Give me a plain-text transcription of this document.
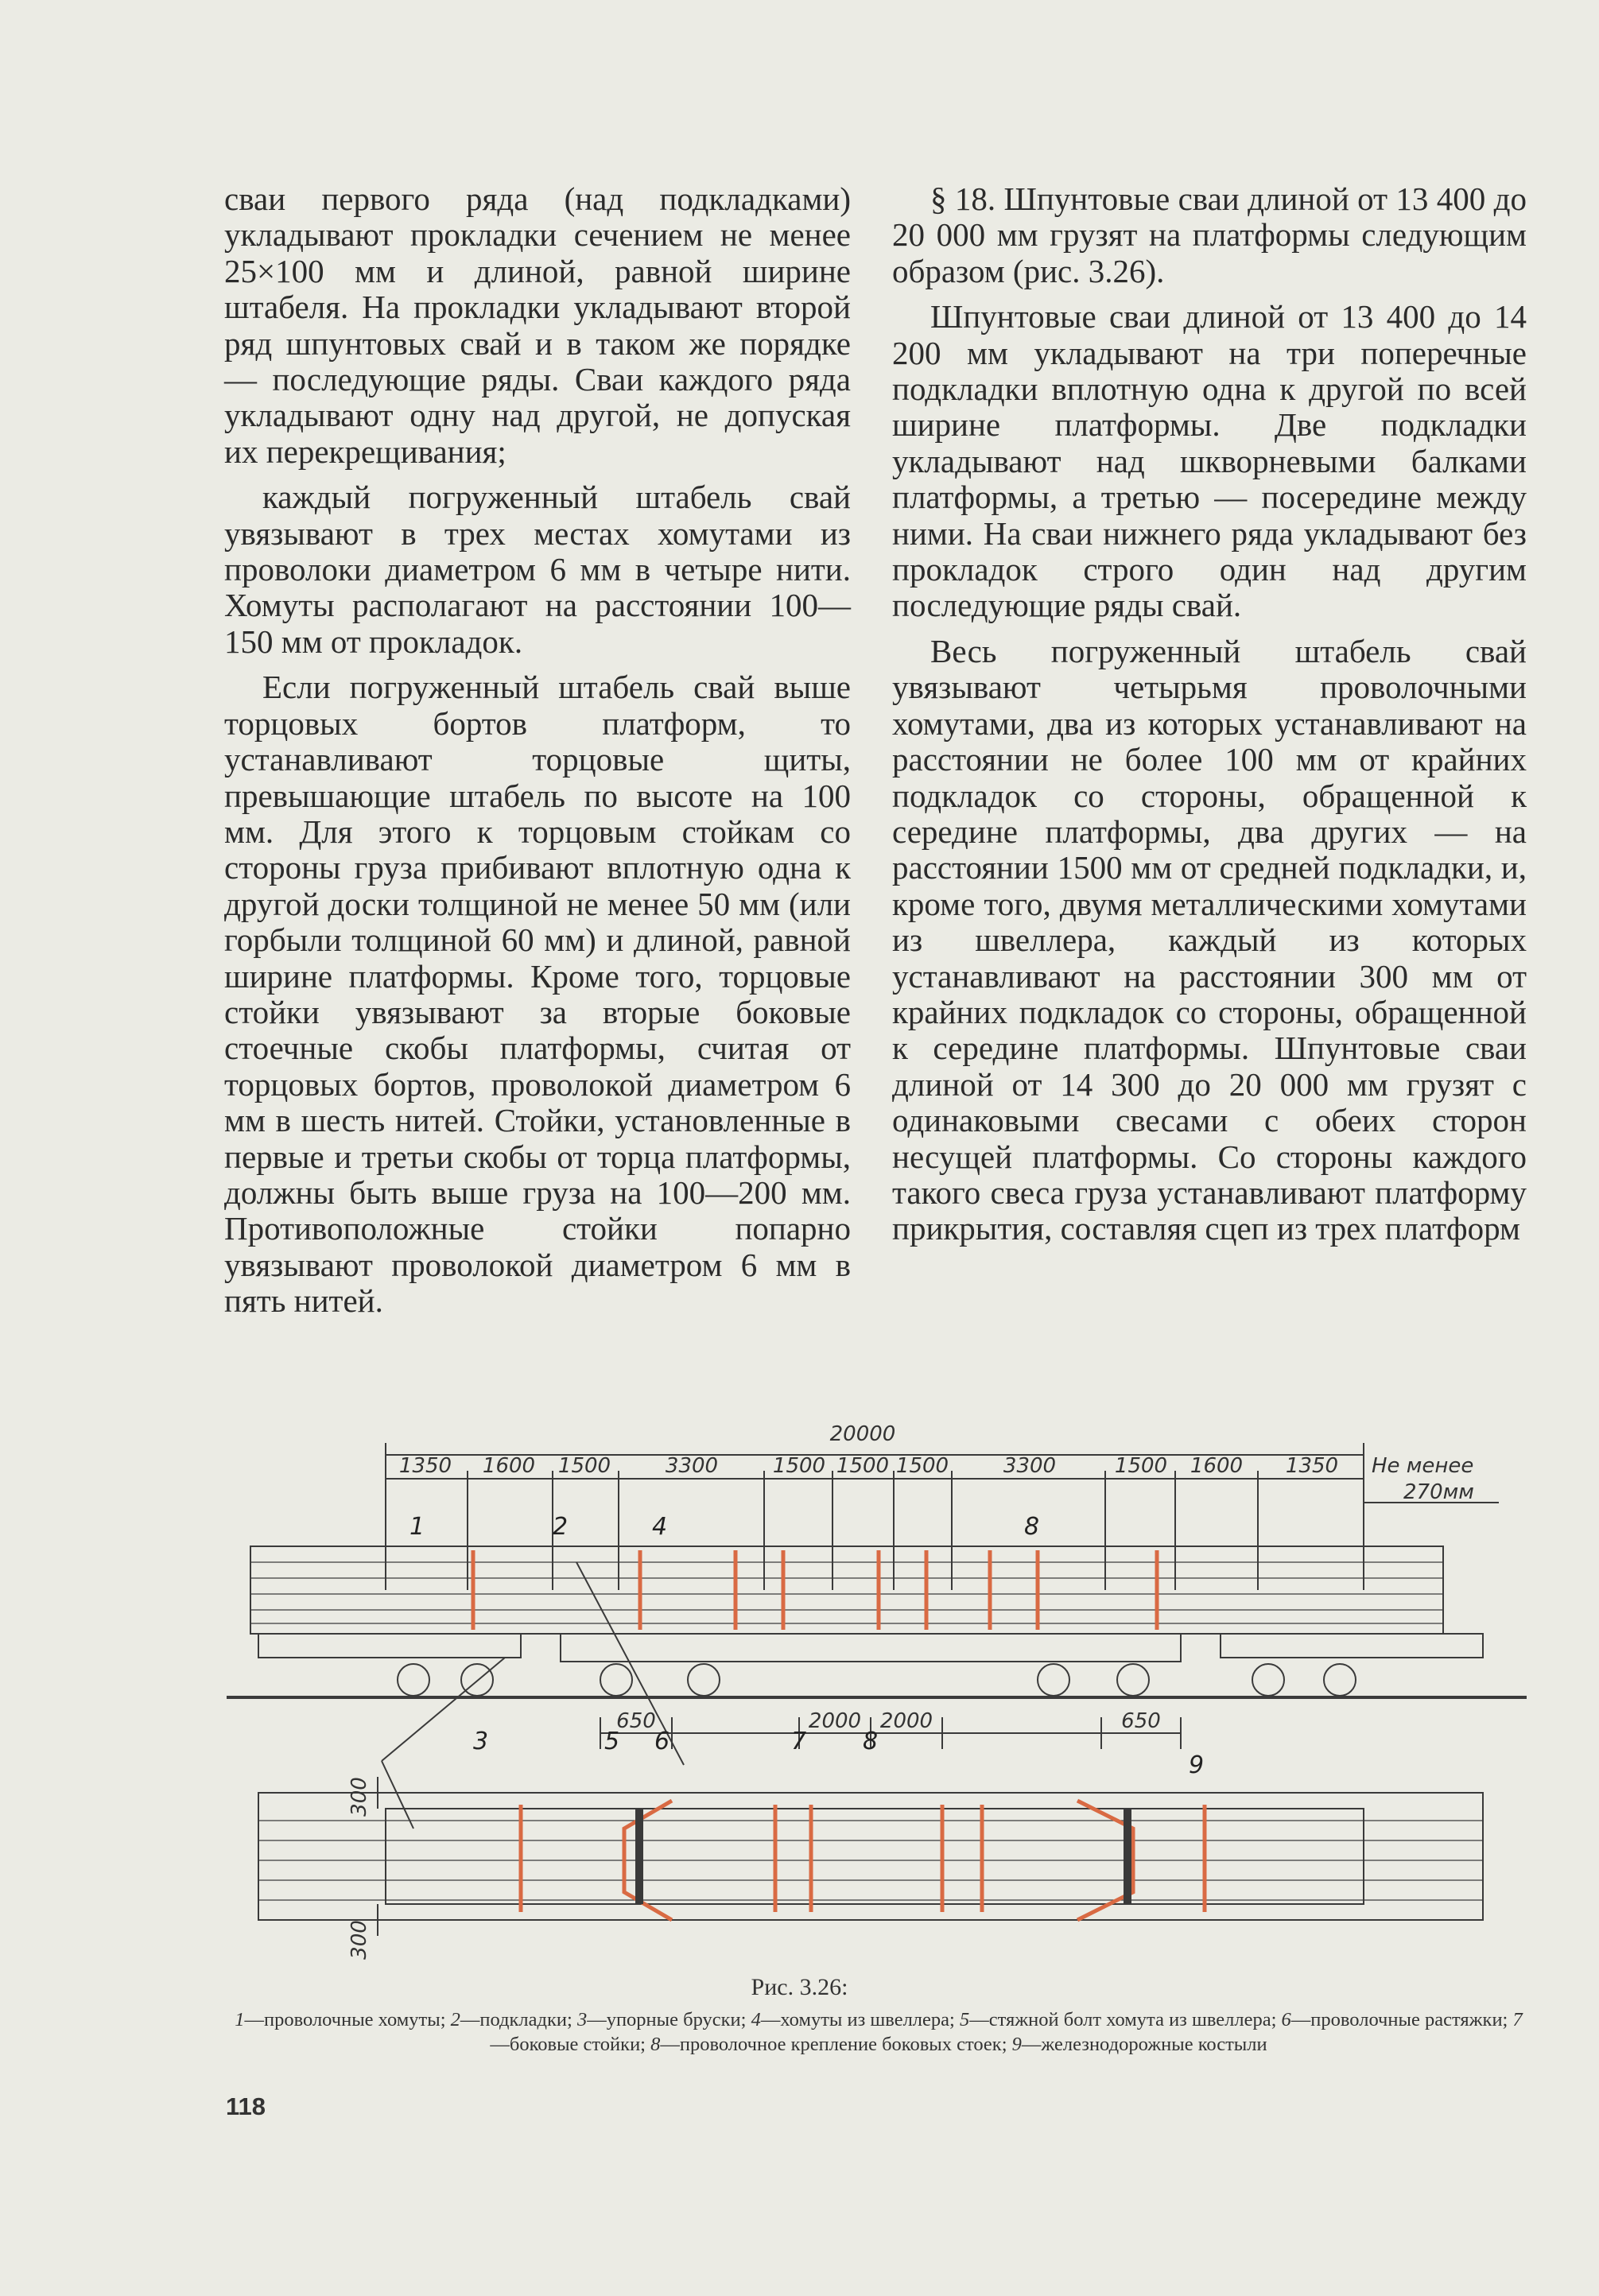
сваи первого ряда (над подкладками) укладывают прокладки сечением не менее 25×100 мм и длиной, равной ширине штабеля. На прокладки укладывают второй ряд шпунтовых свай и в таком же порядке — последующие ряды. Сваи каждого ряда укладывают одну над другой, не допуская их перекрещивания;

каждый погруженный штабель свай увязывают в трех местах хомутами из проволоки диаметром 6 мм в четыре нити. Хомуты располагают на расстоянии 100—150 мм от прокладок.

Если погруженный штабель свай выше торцовых бортов платформ, то устанавливают торцовые щиты, превышающие штабель по высоте на 100 мм. Для этого к торцовым стойкам со стороны груза прибивают вплотную одна к другой доски толщиной не менее 50 мм (или горбыли толщиной 60 мм) и длиной, равной ширине платформы. Кроме того, торцовые стойки увязывают за вторые боковые стоечные скобы платформы, считая от торцовых бортов, проволокой диаметром 6 мм в шесть нитей. Стойки, установленные в первые и третьи скобы от торца платформы, должны быть выше груза на 100—200 мм. Противоположные стойки попарно увязывают проволокой диаметром 6 мм в пять нитей.

§ 18. Шпунтовые сваи длиной от 13 400 до 20 000 мм грузят на платформы следующим образом (рис. 3.26).

Шпунтовые сваи длиной от 13 400 до 14 200 мм укладывают на три поперечные подкладки вплотную одна к другой по всей ширине платформы. Две подкладки укладывают над шкворневыми балками платформы, а третью — посередине между ними. На сваи нижнего ряда укладывают без прокладок строго один над другим последующие ряды свай.

Весь погруженный штабель свай увязывают четырьмя проволочными хомутами, два из которых устанавливают на расстоянии не более 100 мм от крайних подкладок со стороны, обращенной к середине платформы, два других — на расстоянии 1500 мм от средней подкладки, и, кроме того, двумя металлическими хомутами из швеллера, каждый из которых устанавливают на расстоянии 300 мм от крайних подкладок со стороны, обращенной к середине платформы. Шпунтовые сваи длиной от 14 300 до 20 000 мм грузят с одинаковыми свесами с обеих сторон несущей платформы. Со стороны каждого такого свеса груза устанавливают платформу прикрытия, составляя сцеп из трех платформ

20000
1350 1600 1500	3300	1500 1500 1500	3300	1500 1600 1350 Не менее
270мм
650	2000 2000	650
300
300
1	2	4	8
3	5 6	7 8
9
Рис. 3.26:
1—проволочные хомуты; 2—подкладки; 3—упорные бруски; 4—хомуты из швеллера; 5—стяжной болт хомута из швеллера; 6—проволочные растяжки; 7—боковые стойки; 8—проволочное крепление боковых стоек; 9—железнодорожные костыли
118
